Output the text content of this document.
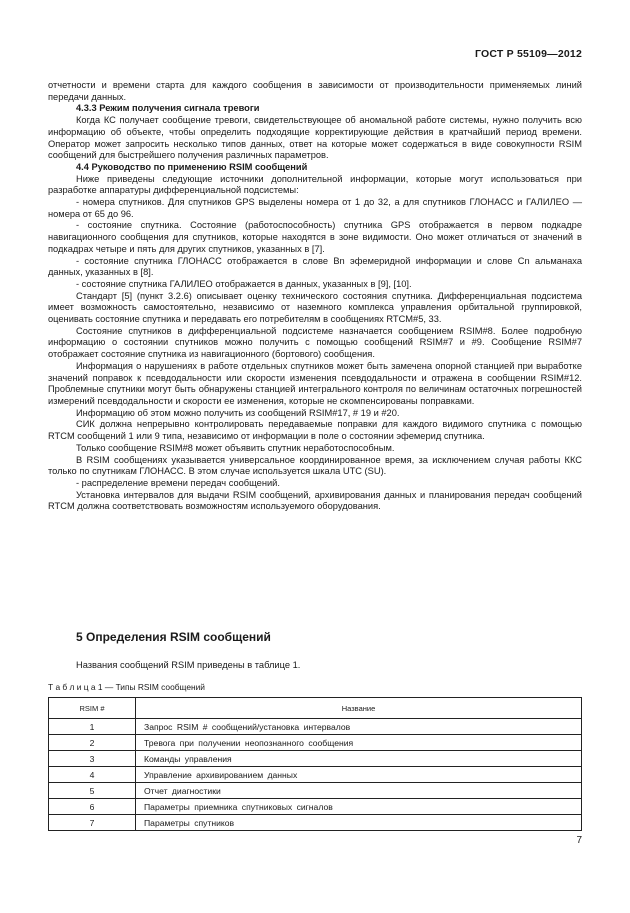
ГОСТ Р 55109—2012

отчетности и времени старта для каждого сообщения в зависимости от производительности применяемых линий передачи данных.

4.3.3 Режим получения сигнала тревоги

Когда КС получает сообщение тревоги, свидетельствующее об аномальной работе системы, нужно получить всю информацию об объекте, чтобы определить подходящие корректирующие действия в кратчайший период времени. Оператор может запросить несколько типов данных, ответ на которые может содержаться в виде совокупности RSIM сообщений для быстрейшего получения различных параметров.

4.4 Руководство по применению RSIM сообщений

Ниже приведены следующие источники дополнительной информации, которые могут использоваться при разработке аппаратуры дифференциальной подсистемы:

- номера спутников. Для спутников GPS выделены номера от 1 до 32, а для спутников ГЛОНАСС и ГАЛИЛЕО — номера от 65 до 96.

- состояние спутника. Состояние (работоспособность) спутника GPS отображается в первом подкадре навигационного сообщения для спутников, которые находятся в зоне видимости. Оно может отличаться от значений в подкадрах четыре и пять для других спутников, указанных в [7].

- состояние спутника ГЛОНАСС отображается в слове Вn эфемеридной информации и слове Сn альманаха данных, указанных в [8].

- состояние спутника ГАЛИЛЕО отображается в данных, указанных в [9], [10].

Стандарт [5] (пункт 3.2.6) описывает оценку технического состояния спутника. Дифференциальная подсистема имеет возможность самостоятельно, независимо от наземного комплекса управления орбитальной группировкой, оценивать состояние спутника и передавать его потребителям в сообщениях RTCM#5, 33.

Состояние спутников в дифференциальной подсистеме назначается сообщением RSIM#8. Более подробную информацию о состоянии спутников можно получить с помощью сообщений RSIM#7 и #9. Сообщение RSIM#7 отображает состояние спутника из навигационного (бортового) сообщения.

Информация о нарушениях в работе отдельных спутников может быть замечена опорной станцией при выработке значений поправок к псевдодальности или скорости изменения псевдодальности и отражена в сообщении RSIM#12. Проблемные спутники могут быть обнаружены станцией интегрального контроля по величинам остаточных погрешностей измерений псевдодальности и скорости ее изменения, которые не скомпенсированы поправками.

Информацию об этом можно получить из сообщений RSIM#17, # 19 и #20.

СИК должна непрерывно контролировать передаваемые поправки для каждого видимого спутника с помощью RTCM сообщений 1 или 9 типа, независимо от информации в поле о состоянии эфемерид спутника.

Только сообщение RSIM#8 может объявить спутник неработоспособным.

В RSIM сообщениях указывается универсальное координированное время, за исключением случая работы ККС только по спутникам ГЛОНАСС. В этом случае используется шкала UTC (SU).

- распределение времени передач сообщений.

Установка интервалов для выдачи RSIM сообщений, архивирования данных и планирования передач сообщений RTCM должна соответствовать возможностям используемого оборудования.

5 Определения RSIM сообщений

Названия сообщений RSIM приведены в таблице 1.

Т а б л и ц а 1 — Типы RSIM сообщений

RSIM #	Название
1	Запрос RSIM # сообщений/установка интервалов
2	Тревога при получении неопознанного сообщения
3	Команды управления
4	Управление архивированием данных
5	Отчет диагностики
6	Параметры приемника спутниковых сигналов
7	Параметры спутников
7
